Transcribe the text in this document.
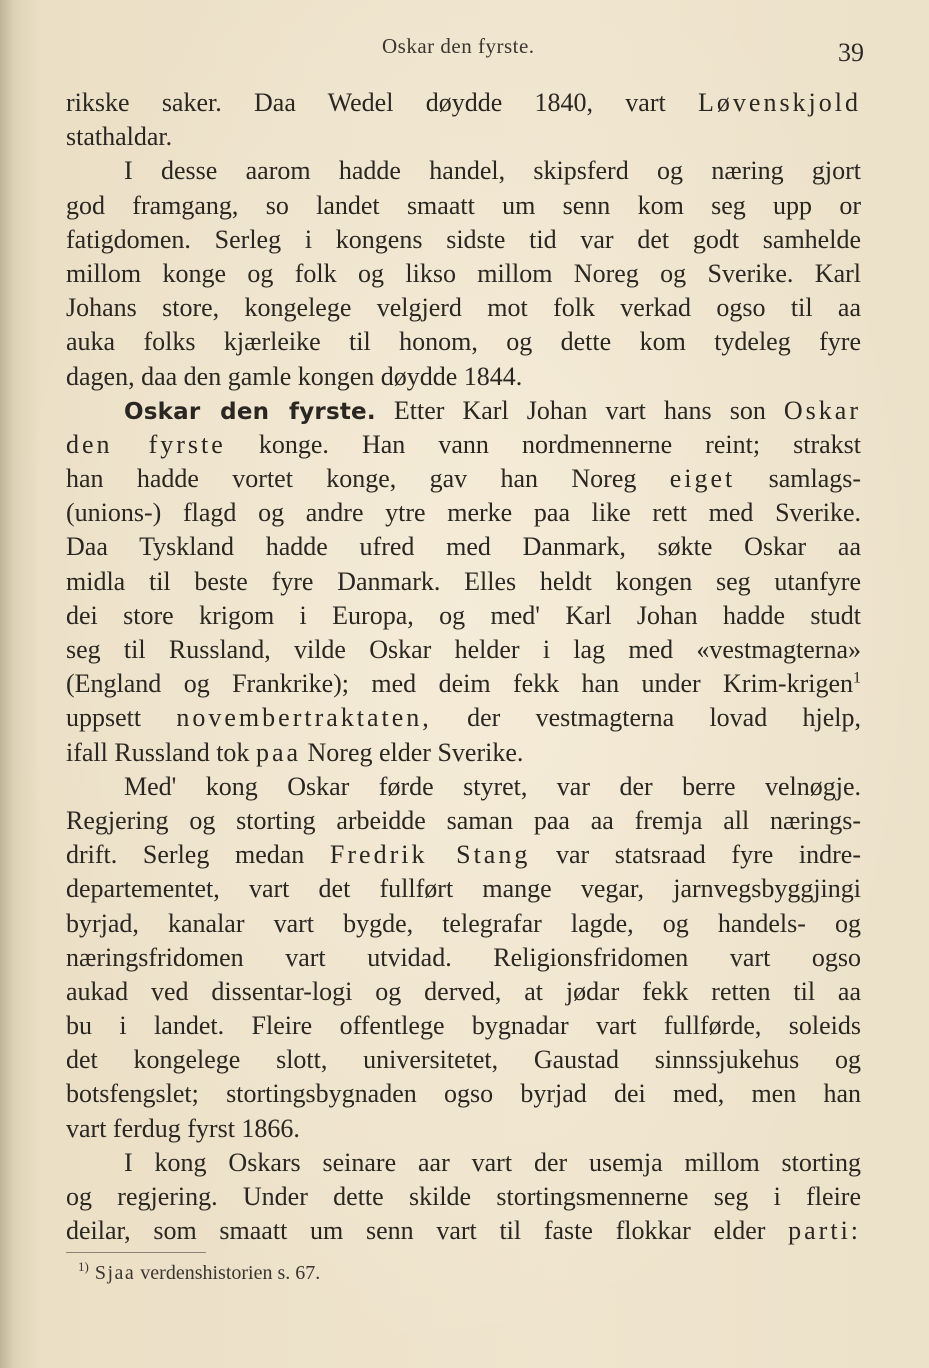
Oskar den fyrste.	39
rikske saker. Daa Wedel døydde 1840, vart Løvenskjold
stathaldar.
I desse aarom hadde handel, skipsferd og næring gjort
god framgang, so landet smaatt um senn kom seg upp or
fatigdomen. Serleg i kongens sidste tid var det godt samhelde
millom konge og folk og likso millom Noreg og Sverike. Karl
Johans store, kongelege velgjerd mot folk verkad ogso til aa
auka folks kjærleike til honom, og dette kom tydeleg fyre
dagen, daa den gamle kongen døydde 1844.
Oskar den fyrste. Etter Karl Johan vart hans son Oskar
den fyrste konge. Han vann nordmennerne reint; strakst
han hadde vortet konge, gav han Noreg eiget samlags-
(unions-) flagd og andre ytre merke paa like rett med Sverike.
Daa Tyskland hadde ufred med Danmark, søkte Oskar aa
midla til beste fyre Danmark. Elles heldt kongen seg utanfyre
dei store krigom i Europa, og med' Karl Johan hadde studt
seg til Russland, vilde Oskar helder i lag med «vestmagterna»
(England og Frankrike); med deim fekk han under Krim-krigen$^1$
uppsett novembertraktaten, der vestmagterna lovad hjelp,
ifall Russland tok paa Noreg elder Sverike.
Med' kong Oskar førde styret, var der berre velnøgje.
Regjering og storting arbeidde saman paa aa fremja all nærings-
drift. Serleg medan Fredrik Stang var statsraad fyre indre-
departementet, vart det fullført mange vegar, jarnvegsbyggjingi
byrjad, kanalar vart bygde, telegrafar lagde, og handels- og
næringsfridomen vart utvidad. Religionsfridomen vart ogso
aukad ved dissentar-logi og derved, at jødar fekk retten til aa
bu i landet. Fleire offentlege bygnadar vart fullførde, soleids
det kongelege slott, universitetet, Gaustad sinnssjukehus og
botsfengslet; stortingsbygnaden ogso byrjad dei med, men han
vart ferdug fyrst 1866.
I kong Oskars seinare aar vart der usemja millom storting
og regjering. Under dette skilde stortingsmennerne seg i fleire
deilar, som smaatt um senn vart til faste flokkar elder parti:
$^{1)}$ Sjaa verdenshistorien s. 67.
